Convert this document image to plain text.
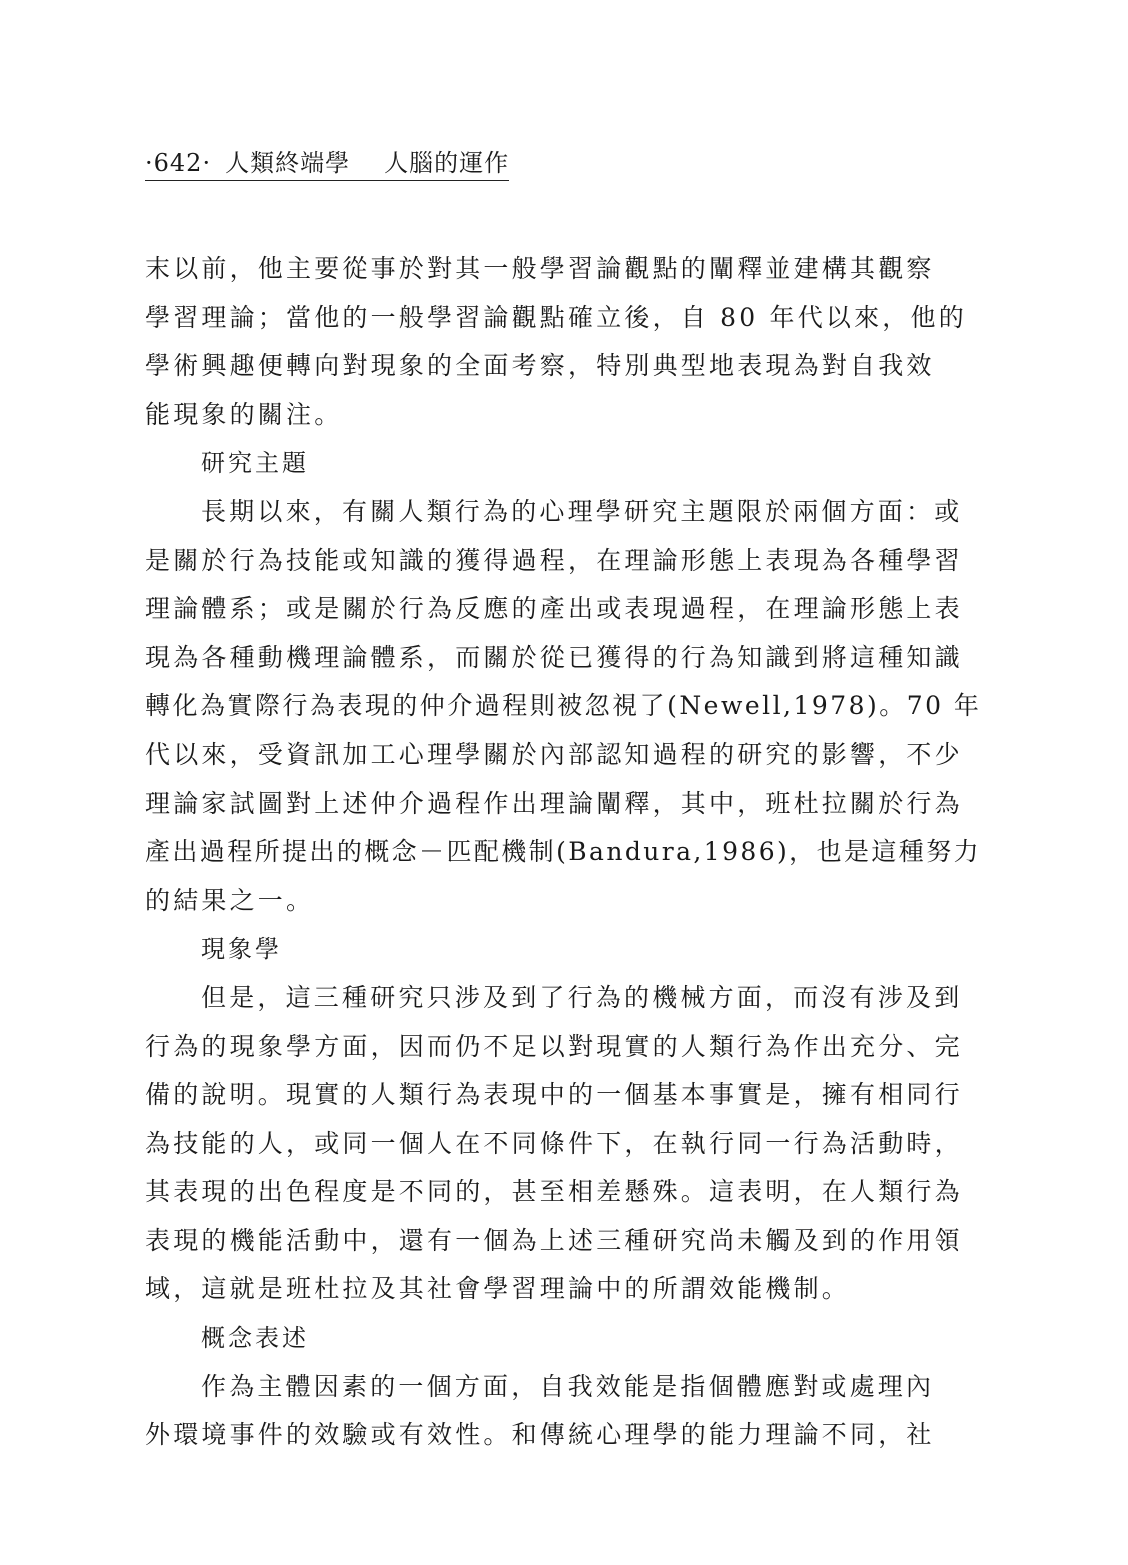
·642· 人類終端學 人腦的運作
末以前，他主要從事於對其一般學習論觀點的闡釋並建構其觀察
學習理論；當他的一般學習論觀點確立後，自 80 年代以來，他的
學術興趣便轉向對現象的全面考察，特別典型地表現為對自我效
能現象的關注。
研究主題
長期以來，有關人類行為的心理學研究主題限於兩個方面：或
是關於行為技能或知識的獲得過程，在理論形態上表現為各種學習
理論體系；或是關於行為反應的產出或表現過程，在理論形態上表
現為各種動機理論體系，而關於從已獲得的行為知識到將這種知識
轉化為實際行為表現的仲介過程則被忽視了(Newell,1978)。70 年
代以來，受資訊加工心理學關於內部認知過程的研究的影響，不少
理論家試圖對上述仲介過程作出理論闡釋，其中，班杜拉關於行為
產出過程所提出的概念－匹配機制(Bandura,1986)，也是這種努力
的結果之一。
現象學
但是，這三種研究只涉及到了行為的機械方面，而沒有涉及到
行為的現象學方面，因而仍不足以對現實的人類行為作出充分、完
備的說明。現實的人類行為表現中的一個基本事實是，擁有相同行
為技能的人，或同一個人在不同條件下，在執行同一行為活動時，
其表現的出色程度是不同的，甚至相差懸殊。這表明，在人類行為
表現的機能活動中，還有一個為上述三種研究尚未觸及到的作用領
域，這就是班杜拉及其社會學習理論中的所謂效能機制。
概念表述
作為主體因素的一個方面，自我效能是指個體應對或處理內
外環境事件的效驗或有效性。和傳統心理學的能力理論不同，社
